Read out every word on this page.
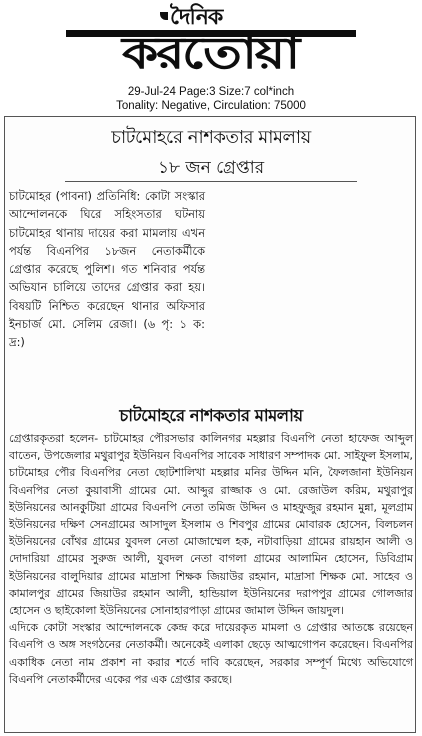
দৈনিক
করতোয়া
29-Jul-24 Page:3 Size:7 col*inch
Tonality: Negative, Circulation: 75000
চাটমোহরে নাশকতার মামলায়
১৮ জন গ্রেপ্তার

চাটমোহর (পাবনা) প্রতিনিধি: কোটা সংস্কার আন্দোলনকে ঘিরে সহিংসতার ঘটনায় চাটমোহর থানায় দায়ের করা মামলায় এখন পর্যন্ত বিএনপির ১৮জন নেতাকর্মীকে গ্রেপ্তার করেছে পুলিশ। গত শনিবার পর্যন্ত অভিযান চালিয়ে তাদের গ্রেপ্তার করা হয়। বিষয়টি নিশ্চিত করেছেন থানার অফিসার ইনচার্জ মো. সেলিম রেজা। (৬ পৃ: ১ ক: দ্র:)

চাটমোহরে নাশকতার মামলায়

গ্রেপ্তারকৃতরা হলেন- চাটমোহর পৌরসভার কালিনগর মহল্লার বিএনপি নেতা হাফেজ আব্দুল বাতেন, উপজেলার মথুরাপুর ইউনিয়ন বিএনপির সাবেক সাধারণ সম্পাদক মো. সাইফুল ইসলাম, চাটমোহর পৌর বিএনপির নেতা ছোটশালিখা মহল্লার মনির উদ্দিন মনি, ফৈলজানা ইউনিয়ন বিএনপির নেতা কুয়াবাসী গ্রামের মো. আব্দুর রাজ্জাক ও মো. রেজাউল করিম, মথুরাপুর ইউনিয়নের আনকুটিয়া গ্রামের বিএনপি নেতা তমিজ উদ্দিন ও মাহফুজুর রহমান মুন্না, মূলগ্রাম ইউনিয়নের দক্ষিণ সেনগ্রামের আসাদুল ইসলাম ও শিবপুর গ্রামের মোবারক হোসেন, বিলচলন ইউনিয়নের বোঁথর গ্রামের যুবদল নেতা মোজাম্মেল হক, নটাবাড়িয়া গ্রামের রায়হান আলী ও দোদারিয়া গ্রামের সুরুজ আলী, যুবদল নেতা বাগলা গ্রামের আলামিন হোসেন, ডিবিগ্রাম ইউনিয়নের বালুদিয়ার গ্রামের মাদ্রাসা শিক্ষক জিয়াউর রহমান, মাদ্রাসা শিক্ষক মো. সাহেব ও কামালপুর গ্রামের জিয়াউর রহমান আলী, হান্ডিয়াল ইউনিয়নের দরাপপুর গ্রামের গোলজার হোসেন ও ছাইকোলা ইউনিয়নের সোনাহারপাড়া গ্রামের জামাল উদ্দিন জায়দুল।

এদিকে কোটা সংস্কার আন্দোলনকে কেন্দ্র করে দায়েরকৃত মামলা ও গ্রেপ্তার আতঙ্কে রয়েছেন বিএনপি ও অঙ্গ সংগঠনের নেতাকর্মী। অনেকেই এলাকা ছেড়ে আত্মগোপন করেছেন। বিএনপির একাধিক নেতা নাম প্রকাশ না করার শর্তে দাবি করেছেন, সরকার সম্পূর্ণ মিথ্যে অভিযোগে বিএনপি নেতাকর্মীদের একের পর এক গ্রেপ্তার করছে।
